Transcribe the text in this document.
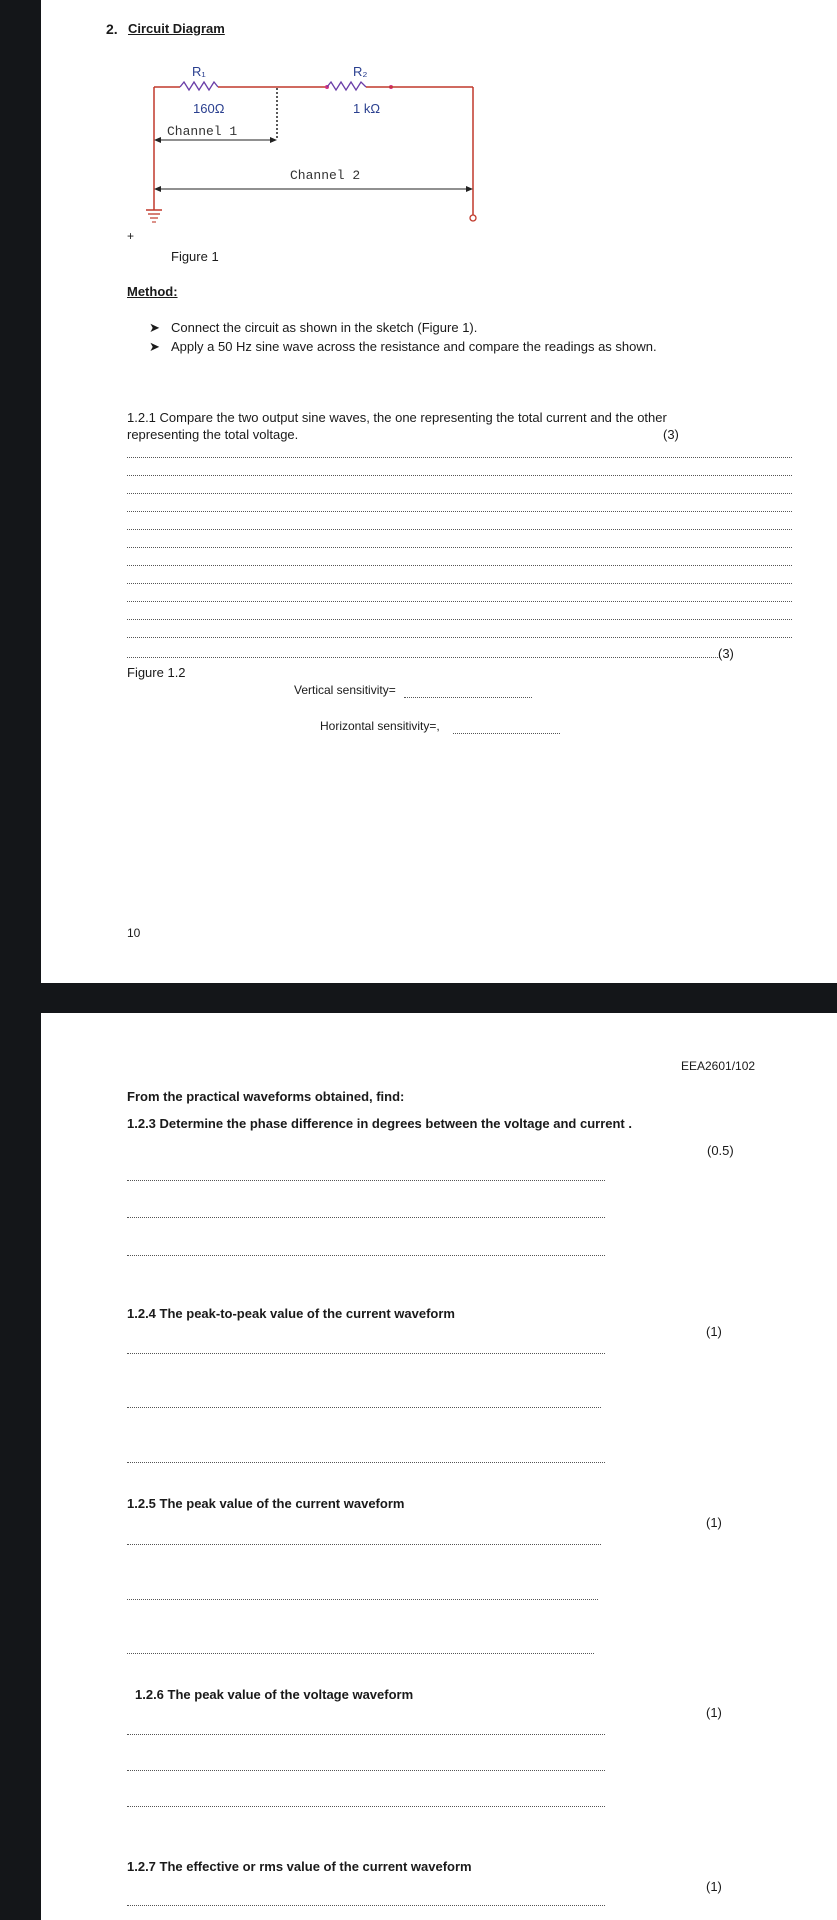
2. Circuit Diagram
R₁	R₂
160Ω	1 kΩ
Channel 1
Channel 2
+
Figure 1
Method:
➤ Connect the circuit as shown in the sketch (Figure 1).
➤ Apply a 50 Hz sine wave across the resistance and compare the readings as shown.
1.2.1 Compare the two output sine waves, the one representing the total current and the other
representing the total voltage.	(3)
(3)
Figure 1.2
Vertical sensitivity=
Horizontal sensitivity=,
10
EEA2601/102
From the practical waveforms obtained, find:
1.2.3 Determine the phase difference in degrees between the voltage and current .
(0.5)
1.2.4 The peak-to-peak value of the current waveform
(1)
1.2.5 The peak value of the current waveform
(1)
1.2.6 The peak value of the voltage waveform
(1)
1.2.7 The effective or rms value of the current waveform
(1)
